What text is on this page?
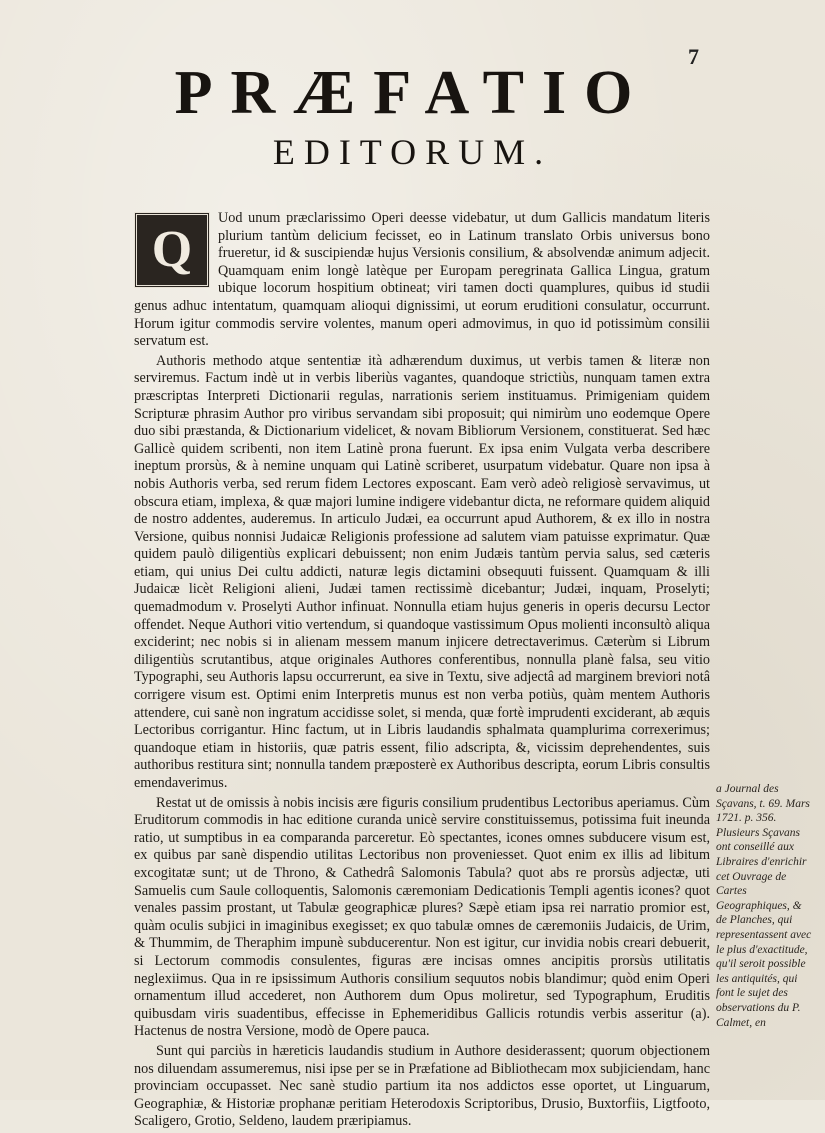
7
PRÆFATIO
EDITORUM.
Q

Uod unum præclarissimo Operi deesse videbatur, ut dum Gallicis mandatum literis plurium tantùm delicium fecisset, eo in Latinum translato Orbis universus bono frueretur, id & suscipiendæ hujus Versionis consilium, & absolvendæ animum adjecit. Quamquam enim longè latèque per Europam peregrinata Gallica Lingua, gratum ubique locorum hospitium obtineat; viri tamen docti quamplures, quibus id studii genus adhuc intentatum, quamquam alioqui dignissimi, ut eorum eruditioni consulatur, occurrunt. Horum igitur commodis servire volentes, manum operi admovimus, in quo id potissimùm consilii servatum est.

Authoris methodo atque sententiæ ità adhærendum duximus, ut verbis tamen & literæ non serviremus. Factum indè ut in verbis liberiùs vagantes, quandoque strictiùs, nunquam tamen extra præscriptas Interpreti Dictionarii regulas, narrationis seriem instituamus. Primigeniam quidem Scripturæ phrasim Author pro viribus servandam sibi proposuit; qui nimirùm uno eodemque Opere duo sibi præstanda, & Dictionarium videlicet, & novam Bibliorum Versionem, constituerat. Sed hæc Gallicè quidem scribenti, non item Latinè prona fuerunt. Ex ipsa enim Vulgata verba describere ineptum prorsùs, & à nemine unquam qui Latinè scriberet, usurpatum videbatur. Quare non ipsa à nobis Authoris verba, sed rerum fidem Lectores exposcant. Eam verò adeò religiosè servavimus, ut obscura etiam, implexa, & quæ majori lumine indigere videbantur dicta, ne reformare quidem aliquid de nostro addentes, auderemus. In articulo Judæi, ea occurrunt apud Authorem, & ex illo in nostra Versione, quibus nonnisi Judaicæ Religionis professione ad salutem viam patuisse exprimatur. Quæ quidem paulò diligentiùs explicari debuissent; non enim Judæis tantùm pervia salus, sed cæteris etiam, qui unius Dei cultu addicti, naturæ legis dictamini obsequuti fuissent. Quamquam & illi Judaicæ licèt Religioni alieni, Judæi tamen rectissimè dicebantur; Judæi, inquam, Proselyti; quemadmodum v. Proselyti Author infinuat. Nonnulla etiam hujus generis in operis decursu Lector offendet. Neque Authori vitio vertendum, si quandoque vastissimum Opus molienti inconsultò aliqua exciderint; nec nobis si in alienam messem manum injicere detrectaverimus. Cæterùm si Librum diligentiùs scrutantibus, atque originales Authores conferentibus, nonnulla planè falsa, seu vitio Typographi, seu Authoris lapsu occurrerunt, ea sive in Textu, sive adjectâ ad marginem breviori notâ corrigere visum est. Optimi enim Interpretis munus est non verba potiùs, quàm mentem Authoris attendere, cui sanè non ingratum accidisse solet, si menda, quæ fortè imprudenti exciderant, ab æquis Lectoribus corrigantur. Hinc factum, ut in Libris laudandis sphalmata quamplurima correxerimus; quandoque etiam in historiis, quæ patris essent, filio adscripta, &, vicissim deprehendentes, suis authoribus restitura sint; nonnulla tandem præposterè ex Authoribus descripta, eorum Libris consultis emendaverimus.

Restat ut de omissis à nobis incisis ære figuris consilium prudentibus Lectoribus aperiamus. Cùm Eruditorum commodis in hac editione curanda unicè servire constituissemus, potissima fuit ineunda ratio, ut sumptibus in ea comparanda parceretur. Eò spectantes, icones omnes subducere visum est, ex quibus par sanè dispendio utilitas Lectoribus non proveniesset. Quot enim ex illis ad libitum excogitatæ sunt; ut de Throno, & Cathedrâ Salomonis Tabula? quot abs re prorsùs adjectæ, uti Samuelis cum Saule colloquentis, Salomonis cæremoniam Dedicationis Templi agentis icones? quot venales passim prostant, ut Tabulæ geographicæ plures? Sæpè etiam ipsa rei narratio promior est, quàm oculis subjici in imaginibus exegisset; ex quo tabulæ omnes de cæremoniis Judaicis, de Urim, & Thummim, de Theraphim impunè subducerentur. Non est igitur, cur invidia nobis creari debuerit, si Lectorum commodis consulentes, figuras ære incisas omnes ancipitis prorsùs utilitatis neglexiimus. Qua in re ipsissimum Authoris consilium sequutos nobis blandimur; quòd enim Operi ornamentum illud accederet, non Authorem dum Opus moliretur, sed Typographum, Eruditis quibusdam viris suadentibus, effecisse in Ephemeridibus Gallicis rotundis verbis asseritur (a). Hactenus de nostra Versione, modò de Opere pauca.

Sunt qui parciùs in hæreticis laudandis studium in Authore desiderassent; quorum objectionem nos diluendam assumeremus, nisi ipse per se in Præfatione ad Bibliothecam mox subjiciendam, hanc provinciam occupasset. Nec sanè studio partium ita nos addictos esse oportet, ut Linguarum, Geographiæ, & Historiæ prophanæ peritiam Heterodoxis Scriptoribus, Drusio, Buxtorfiis, Ligtfooto, Scaligero, Grotio, Seldeno, laudem præripiamus.

a Journal des Sçavans, t. 69. Mars 1721. p. 356. Plusieurs Sçavans ont conseillé aux Libraires d'enrichir cet Ouvrage de Cartes Geographiques, & de Planches, qui representassent avec le plus d'exactitude, qu'il seroit possible les antiquités, qui font le sujet des observations du P. Calmet, en
